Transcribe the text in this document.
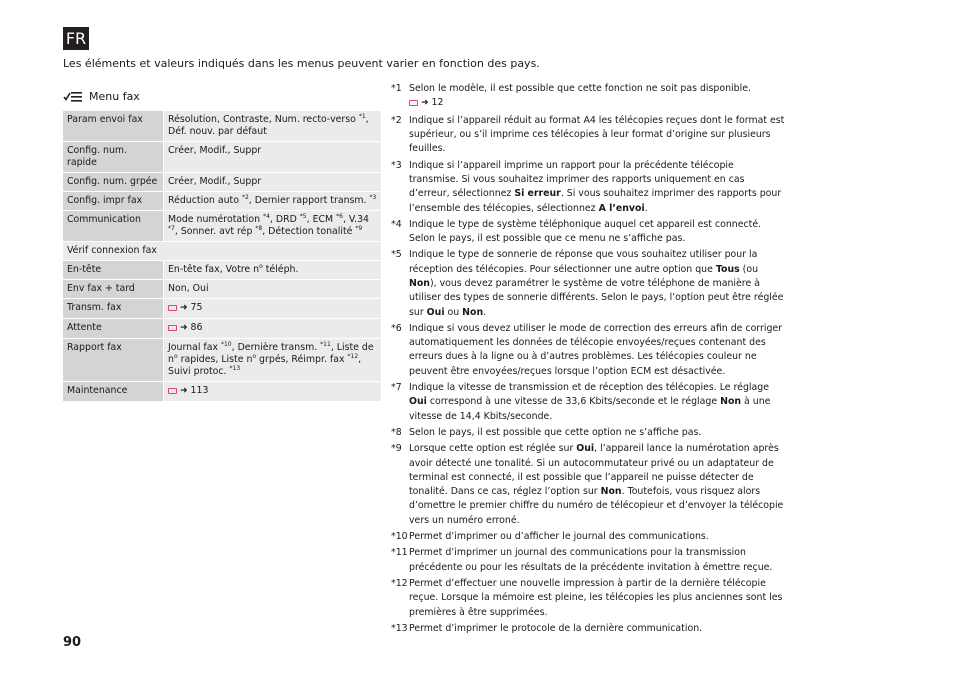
FR
Les éléments et valeurs indiqués dans les menus peuvent varier en fonction des pays.
Menu fax
Param envoi fax	Résolution, Contraste, Num. recto-verso $^{*1}$, Déf. nouv. par défaut
Config. num. rapide	Créer, Modif., Suppr
Config. num. grpée	Créer, Modif., Suppr
Config. impr fax	Réduction auto $^{*2}$, Dernier rapport transm. $^{*3}$
Communication	Mode numérotation $^{*4}$, DRD $^{*5}$, ECM $^{*6}$, V.34 $^{*7}$, Sonner. avt rép $^{*8}$, Détection tonalité $^{*9}$
Vérif connexion fax	
En-tête	En-tête fax, Votre $n^o$ téléph.
Env fax + tard	Non, Oui
Transm. fax	➜ 75

Attente	➜ 86

Rapport fax	Journal fax $^{*10}$, Dernière transm. $^{*11}$, Liste de $n^o$ rapides, Liste $n^o$ grpés, Réimpr. fax $^{*12}$, Suivi protoc. $^{*13}$
Maintenance	➜ 113
*1 Selon le modèle, il est possible que cette fonction ne soit pas disponible.

➜ 12
*2 Indique si l’appareil réduit au format A4 les télécopies reçues dont le format est supérieur, ou s’il imprime ces télécopies à leur format d’origine sur plusieurs feuilles.
*3 Indique si l’appareil imprime un rapport pour la précédente télécopie transmise. Si vous souhaitez imprimer des rapports uniquement en cas d’erreur, sélectionnez Si erreur. Si vous souhaitez imprimer des rapports pour l’ensemble des télécopies, sélectionnez A l’envoi.
*4 Indique le type de système téléphonique auquel cet appareil est connecté. Selon le pays, il est possible que ce menu ne s’affiche pas.
*5 Indique le type de sonnerie de réponse que vous souhaitez utiliser pour la réception des télécopies. Pour sélectionner une autre option que Tous (ou Non), vous devez paramétrer le système de votre téléphone de manière à utiliser des types de sonnerie différents. Selon le pays, l’option peut être réglée sur Oui ou Non.
*6 Indique si vous devez utiliser le mode de correction des erreurs afin de corriger automatiquement les données de télécopie envoyées/reçues contenant des erreurs dues à la ligne ou à d’autres problèmes. Les télécopies couleur ne peuvent être envoyées/reçues lorsque l’option ECM est désactivée.
*7 Indique la vitesse de transmission et de réception des télécopies. Le réglage Oui correspond à une vitesse de 33,6 Kbits/seconde et le réglage Non à une vitesse de 14,4 Kbits/seconde.
*8 Selon le pays, il est possible que cette option ne s’affiche pas.
*9 Lorsque cette option est réglée sur Oui, l’appareil lance la numérotation après avoir détecté une tonalité. Si un autocommutateur privé ou un adaptateur de terminal est connecté, il est possible que l’appareil ne puisse détecter de tonalité. Dans ce cas, réglez l’option sur Non. Toutefois, vous risquez alors d’omettre le premier chiffre du numéro de télécopieur et d’envoyer la télécopie vers un numéro erroné.
*10 Permet d’imprimer ou d’afficher le journal des communications.
*11 Permet d’imprimer un journal des communications pour la transmission précédente ou pour les résultats de la précédente invitation à émettre reçue.
*12 Permet d’effectuer une nouvelle impression à partir de la dernière télécopie reçue. Lorsque la mémoire est pleine, les télécopies les plus anciennes sont les premières à être supprimées.
*13 Permet d’imprimer le protocole de la dernière communication.
90
